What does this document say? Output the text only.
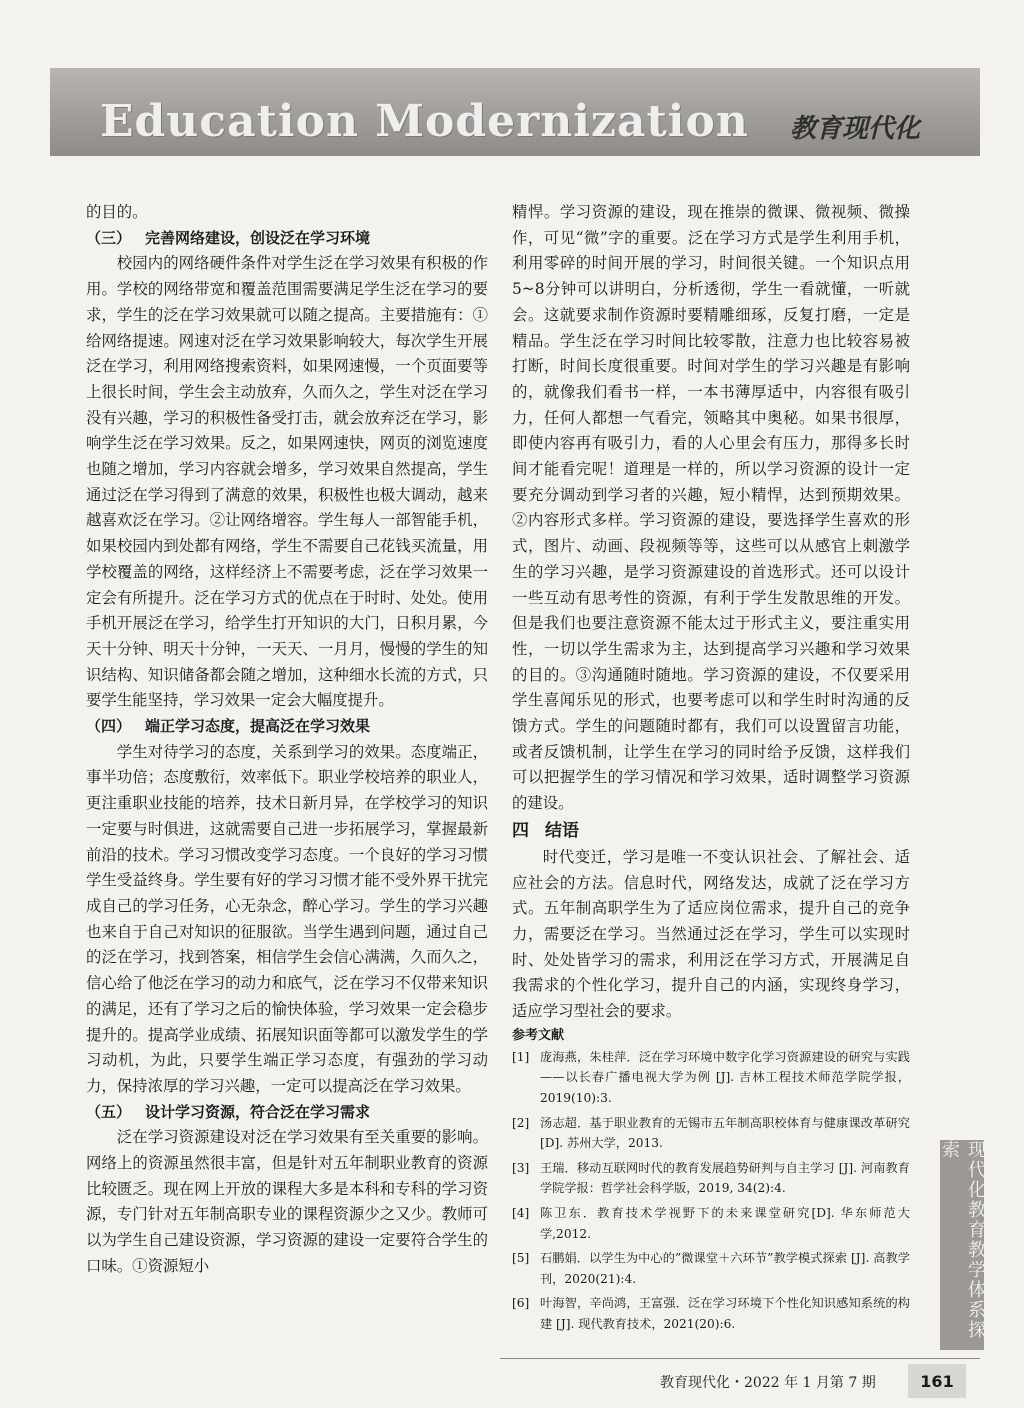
Education Modernization 教育现代化

的目的。

（三） 完善网络建设，创设泛在学习环境

校园内的网络硬件条件对学生泛在学习效果有积极的作用。学校的网络带宽和覆盖范围需要满足学生泛在学习的要求，学生的泛在学习效果就可以随之提高。主要措施有：①给网络提速。网速对泛在学习效果影响较大，每次学生开展泛在学习，利用网络搜索资料，如果网速慢，一个页面要等上很长时间，学生会主动放弃，久而久之，学生对泛在学习没有兴趣，学习的积极性备受打击，就会放弃泛在学习，影响学生泛在学习效果。反之，如果网速快，网页的浏览速度也随之增加，学习内容就会增多，学习效果自然提高，学生通过泛在学习得到了满意的效果，积极性也极大调动，越来越喜欢泛在学习。②让网络增容。学生每人一部智能手机，如果校园内到处都有网络，学生不需要自己花钱买流量，用学校覆盖的网络，这样经济上不需要考虑，泛在学习效果一定会有所提升。泛在学习方式的优点在于时时、处处。使用手机开展泛在学习，给学生打开知识的大门，日积月累，今天十分钟、明天十分钟，一天天、一月月，慢慢的学生的知识结构、知识储备都会随之增加，这种细水长流的方式，只要学生能坚持，学习效果一定会大幅度提升。

（四） 端正学习态度，提高泛在学习效果

学生对待学习的态度，关系到学习的效果。态度端正，事半功倍；态度敷衍，效率低下。职业学校培养的职业人，更注重职业技能的培养，技术日新月异，在学校学习的知识一定要与时俱进，这就需要自己进一步拓展学习，掌握最新前沿的技术。学习习惯改变学习态度。一个良好的学习习惯学生受益终身。学生要有好的学习习惯才能不受外界干扰完成自己的学习任务，心无杂念，醉心学习。学生的学习兴趣也来自于自己对知识的征服欲。当学生遇到问题，通过自己的泛在学习，找到答案，相信学生会信心满满，久而久之，信心给了他泛在学习的动力和底气，泛在学习不仅带来知识的满足，还有了学习之后的愉快体验，学习效果一定会稳步提升的。提高学业成绩、拓展知识面等都可以激发学生的学习动机，为此，只要学生端正学习态度，有强劲的学习动力，保持浓厚的学习兴趣，一定可以提高泛在学习效果。

（五） 设计学习资源，符合泛在学习需求

泛在学习资源建设对泛在学习效果有至关重要的影响。网络上的资源虽然很丰富，但是针对五年制职业教育的资源比较匮乏。现在网上开放的课程大多是本科和专科的学习资源，专门针对五年制高职专业的课程资源少之又少。教师可以为学生自己建设资源，学习资源的建设一定要符合学生的口味。①资源短小

精悍。学习资源的建设，现在推崇的微课、微视频、微操作，可见“微”字的重要。泛在学习方式是学生利用手机，利用零碎的时间开展的学习，时间很关键。一个知识点用5~8分钟可以讲明白，分析透彻，学生一看就懂，一听就会。这就要求制作资源时要精雕细琢，反复打磨，一定是精品。学生泛在学习时间比较零散，注意力也比较容易被打断，时间长度很重要。时间对学生的学习兴趣是有影响的，就像我们看书一样，一本书薄厚适中，内容很有吸引力，任何人都想一气看完，领略其中奥秘。如果书很厚，即使内容再有吸引力，看的人心里会有压力，那得多长时间才能看完呢！道理是一样的，所以学习资源的设计一定要充分调动到学习者的兴趣，短小精悍，达到预期效果。②内容形式多样。学习资源的建设，要选择学生喜欢的形式，图片、动画、段视频等等，这些可以从感官上刺激学生的学习兴趣，是学习资源建设的首选形式。还可以设计一些互动有思考性的资源，有利于学生发散思维的开发。但是我们也要注意资源不能太过于形式主义，要注重实用性，一切以学生需求为主，达到提高学习兴趣和学习效果的目的。③沟通随时随地。学习资源的建设，不仅要采用学生喜闻乐见的形式，也要考虑可以和学生时时沟通的反馈方式。学生的问题随时都有，我们可以设置留言功能，或者反馈机制，让学生在学习的同时给予反馈，这样我们可以把握学生的学习情况和学习效果，适时调整学习资源的建设。

四 结语

时代变迁，学习是唯一不变认识社会、了解社会、适应社会的方法。信息时代，网络发达，成就了泛在学习方式。五年制高职学生为了适应岗位需求，提升自己的竞争力，需要泛在学习。当然通过泛在学习，学生可以实现时时、处处皆学习的需求，利用泛在学习方式，开展满足自我需求的个性化学习，提升自己的内涵，实现终身学习，适应学习型社会的要求。

参考文献

[1] 庞海燕，朱桂萍．泛在学习环境中数字化学习资源建设的研究与实践——以长春广播电视大学为例 [J]. 吉林工程技术师范学院学报，2019(10):3.
[2] 汤志超．基于职业教育的无锡市五年制高职校体育与健康课改革研究 [D]. 苏州大学，2013.
[3] 王瑞．移动互联网时代的教育发展趋势研判与自主学习 [J]. 河南教育学院学报：哲学社会科学版，2019, 34(2):4.
[4] 陈卫东．教育技术学视野下的未来课堂研究[D]. 华东师范大学,2012.
[5] 石鹏娟．以学生为中心的”微课堂＋六环节”教学模式探索 [J]. 高教学刊，2020(21):4.
[6] 叶海智，辛尚鸿，王富强．泛在学习环境下个性化知识感知系统的构建 [J]. 现代教育技术，2021(20):6.	现代化教育教学体系探索
教育现代化・2022 年 1 月第 7 期	161
